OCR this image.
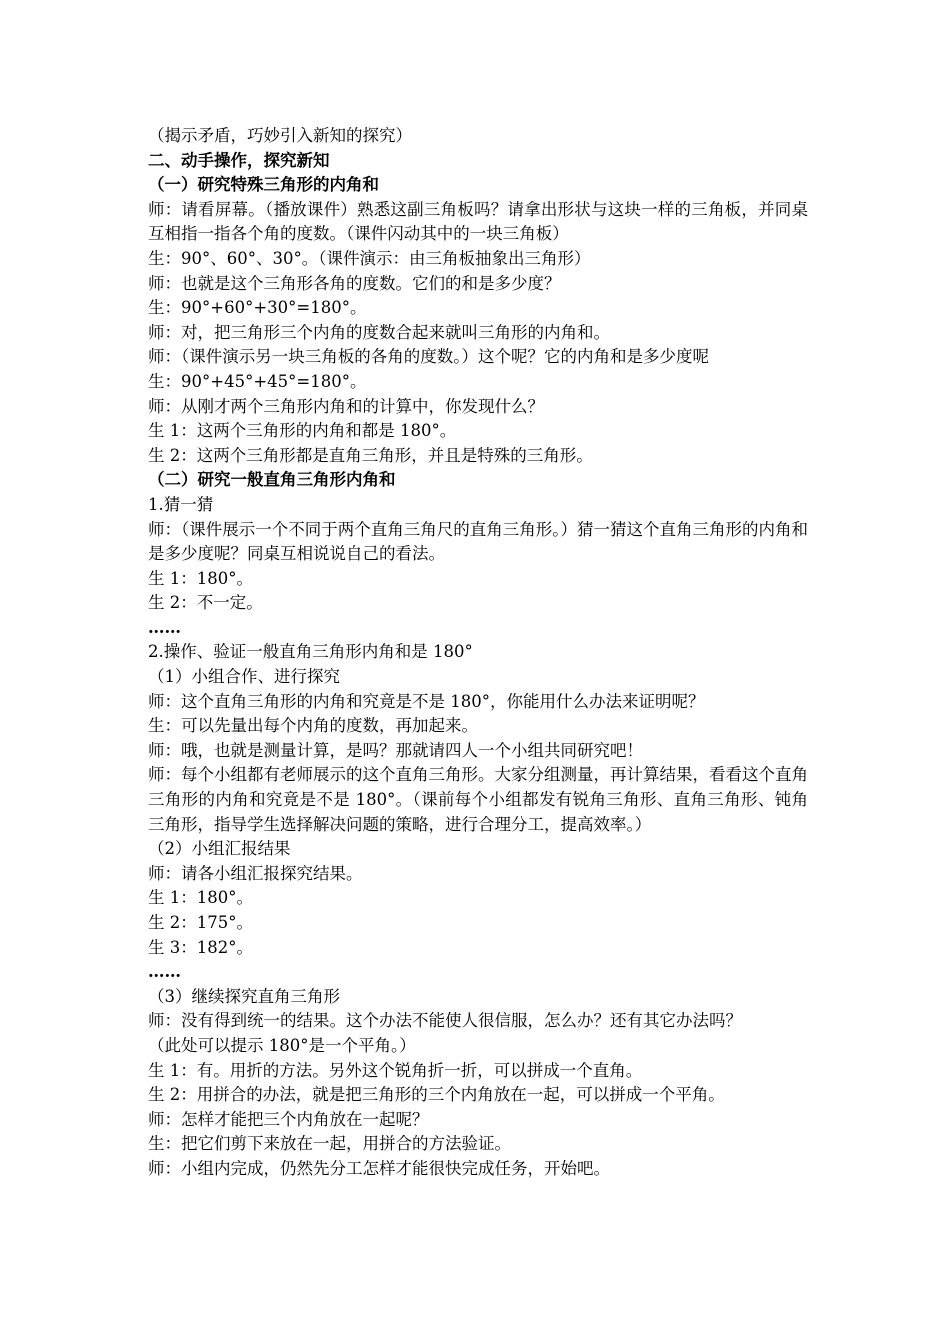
（揭示矛盾，巧妙引入新知的探究）
二、动手操作，探究新知
（一）研究特殊三角形的内角和
师：请看屏幕。（播放课件）熟悉这副三角板吗？请拿出形状与这块一样的三角板，并同桌互相指一指各个角的度数。（课件闪动其中的一块三角板）
生：90°、60°、30°。（课件演示：由三角板抽象出三角形）
师：也就是这个三角形各角的度数。它们的和是多少度？
生：90°+60°+30°=180°。
师：对，把三角形三个内角的度数合起来就叫三角形的内角和。
师：（课件演示另一块三角板的各角的度数。）这个呢？它的内角和是多少度呢
生：90°+45°+45°=180°。
师：从刚才两个三角形内角和的计算中，你发现什么？
生 1：这两个三角形的内角和都是 180°。
生 2：这两个三角形都是直角三角形，并且是特殊的三角形。
（二）研究一般直角三角形内角和
1.猜一猜
师：（课件展示一个不同于两个直角三角尺的直角三角形。）猜一猜这个直角三角形的内角和是多少度呢？同桌互相说说自己的看法。
生 1：180°。
生 2：不一定。
……
2.操作、验证一般直角三角形内角和是 180°
（1）小组合作、进行探究
师：这个直角三角形的内角和究竟是不是 180°，你能用什么办法来证明呢？
生：可以先量出每个内角的度数，再加起来。
师：哦，也就是测量计算，是吗？那就请四人一个小组共同研究吧！
师：每个小组都有老师展示的这个直角三角形。大家分组测量，再计算结果，看看这个直角三角形的内角和究竟是不是 180°。（课前每个小组都发有锐角三角形、直角三角形、钝角三角形，指导学生选择解决问题的策略，进行合理分工，提高效率。）
（2）小组汇报结果
师：请各小组汇报探究结果。
生 1：180°。
生 2：175°。
生 3：182°。
……
（3）继续探究直角三角形
师：没有得到统一的结果。这个办法不能使人很信服，怎么办？还有其它办法吗？
（此处可以提示 180°是一个平角。）
生 1：有。用折的方法。另外这个锐角折一折，可以拼成一个直角。
生 2：用拼合的办法，就是把三角形的三个内角放在一起，可以拼成一个平角。
师：怎样才能把三个内角放在一起呢？
生：把它们剪下来放在一起，用拼合的方法验证。
师：小组内完成，仍然先分工怎样才能很快完成任务，开始吧。
